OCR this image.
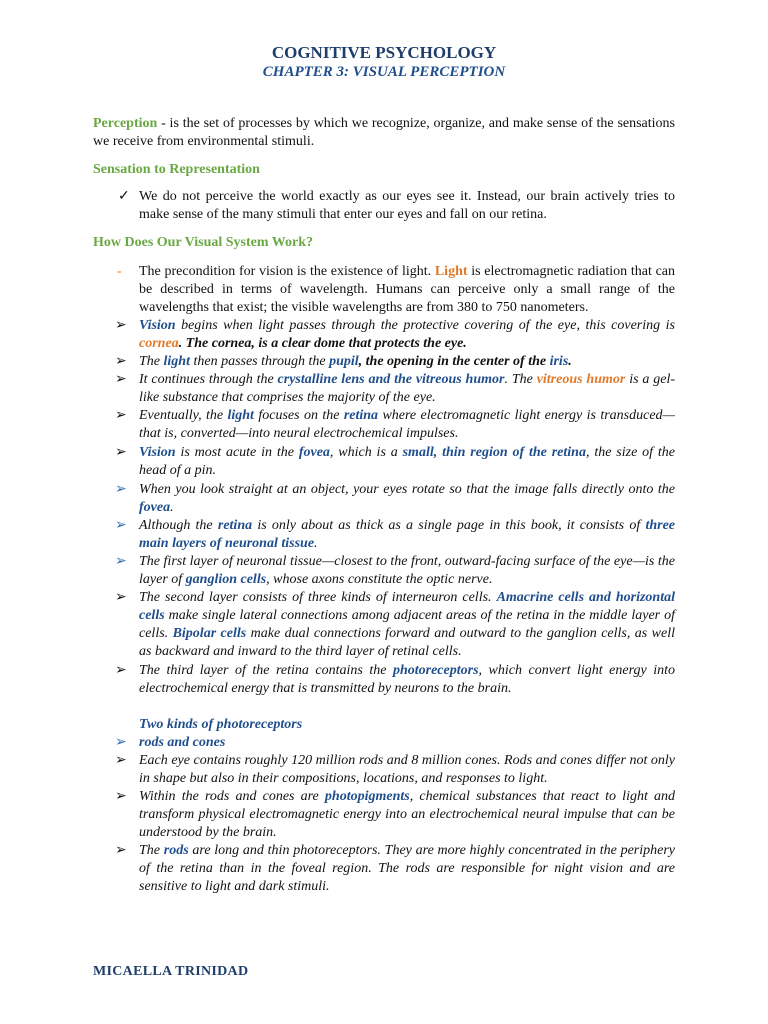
COGNITIVE PSYCHOLOGY
CHAPTER 3: VISUAL PERCEPTION
Perception - is the set of processes by which we recognize, organize, and make sense of the sensations we receive from environmental stimuli.
Sensation to Representation
✓ We do not perceive the world exactly as our eyes see it. Instead, our brain actively tries to make sense of the many stimuli that enter our eyes and fall on our retina.
How Does Our Visual System Work?
-	The precondition for vision is the existence of light. Light is electromagnetic radiation that can be described in terms of wavelength. Humans can perceive only a small range of the wavelengths that exist; the visible wavelengths are from 380 to 750 nanometers.
➢ Vision begins when light passes through the protective covering of the eye, this covering is cornea. The cornea, is a clear dome that protects the eye.
➢ The light then passes through the pupil, the opening in the center of the iris.
➢ It continues through the crystalline lens and the vitreous humor. The vitreous humor is a gel-like substance that comprises the majority of the eye.
➢ Eventually, the light focuses on the retina where electromagnetic light energy is transduced—that is, converted—into neural electrochemical impulses.
➢ Vision is most acute in the fovea, which is a small, thin region of the retina, the size of the head of a pin.
➢ When you look straight at an object, your eyes rotate so that the image falls directly onto the fovea.
➢ Although the retina is only about as thick as a single page in this book, it consists of three main layers of neuronal tissue.
➢ The first layer of neuronal tissue—closest to the front, outward-facing surface of the eye—is the layer of ganglion cells, whose axons constitute the optic nerve.
➢ The second layer consists of three kinds of interneuron cells. Amacrine cells and horizontal cells make single lateral connections among adjacent areas of the retina in the middle layer of cells. Bipolar cells make dual connections forward and outward to the ganglion cells, as well as backward and inward to the third layer of retinal cells.
➢ The third layer of the retina contains the photoreceptors, which convert light energy into electrochemical energy that is transmitted by neurons to the brain.
Two kinds of photoreceptors
➢ rods and cones
➢ Each eye contains roughly 120 million rods and 8 million cones. Rods and cones differ not only in shape but also in their compositions, locations, and responses to light.
➢ Within the rods and cones are photopigments, chemical substances that react to light and transform physical electromagnetic energy into an electrochemical neural impulse that can be understood by the brain.
➢ The rods are long and thin photoreceptors. They are more highly concentrated in the periphery of the retina than in the foveal region. The rods are responsible for night vision and are sensitive to light and dark stimuli.
MICAELLA TRINIDAD
